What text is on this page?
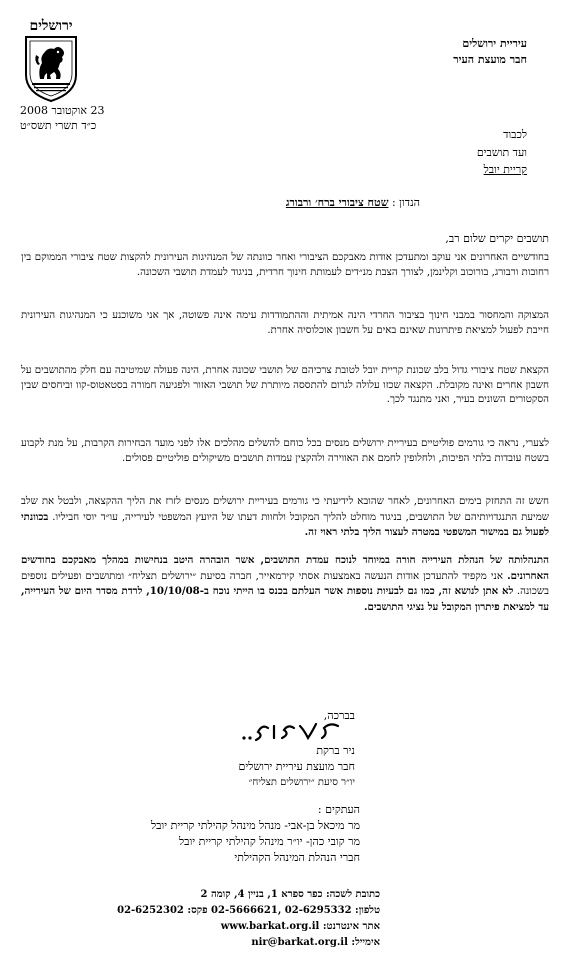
ירושלים
עיריית ירושלים
חבר מועצת העיר
23 אוקטובר 2008
כ״ד תשרי תשס״ט
לכבוד
ועד תושבים
קריית יובל
הנדון : שטח ציבורי ברח׳ ורבורג
תושבים יקרים שלום רב,
בחודשיים האחרונים אני עוקב ומתעדכן אודות מאבקכם הציבורי ואחר כוונתה של המנהיגות העירונית להקצות שטח ציבורי הממוקם בין רחובות ורבורג, בורוכוב וקלינמן, לצורך הצבת מנ״דים לעמותת חינוך חרדית, בניגוד לעמדת תושבי השכונה.
המצוקה והמחסור במבני חינוך בציבור החרדי הינה אמיתית וההתמודדות עימה אינה פשוטה, אך אני משוכנע כי המנהיגות העירונית חייבת לפעול למציאת פיתרונות שאינם באים על חשבון אוכלוסיה אחרת.
הקצאת שטח ציבורי גדול בלב שכונת קריית יובל לטובת צרכיהם של תושבי שכונה אחרת, הינה פעולה שמיטיבה עם חלק מהתושבים על חשבון אחרים ואינה מקובלת. הקצאה שכזו עלולה לגרום להתססה מיותרת של תושבי האזור ולפגיעה חמורה בסטאטוס-קוו וביחסים שבין הסקטורים השונים בעיר, ואני מתנגד לכך.
לצערי, נראה כי גורמים פוליטיים בעיריית ירושלים מנסים בכל כוחם להשלים מהלכים אלו לפני מועד הבחירות הקרבות, על מנת לקבוע בשטח עובדות בלתי הפיכות, ולחלופין לחמם את האווירה ולהקצין עמדות תושבים משיקולים פוליטיים פסולים.
חשש זה התחזק בימים האחרונים, לאחר שהובא לידיעתי כי גורמים בעיריית ירושלים מנסים לזרז את הליך ההקצאה, ולבטל את שלב שמיעת התנגדויותיהם של התושבים, בניגוד מוחלט להליך המקובל ולחוות דעתו של היועץ המשפטי לעירייה, עו״ד יוסי חביליו. בכוונתי לפעול גם במישור המשפטי במטרה לעצור הליך בלתי ראוי זה.
התנהלותה של הנהלת העירייה חורה במיוחד לנוכח עמדת התושבים, אשר הובהרה היטב בנחישות במהלך מאבקכם בחודשים האחרונים. אני מקפיד להתעדכן אודות הנעשה באמצעות אסתי קירמאייר, חברה בסיעת ״ירושלים תצליח״ ומתושבים ופעילים נוספים בשכונה. לא אתן לנושא זה, כמו גם לבעיות נוספות אשר העלתם בכנס בו הייתי נוכח ב-10/10/08, לרדת מסדר היום של העירייה, עד למציאת פיתרון המקובל על נציגי התושבים.
בברכה,
ניר ברקת
חבר מועצת עיריית ירושלים
יו״ר סיעת ״ירושלים תצליח״
העתקים :
מר מיכאל בן-אבי- מנהל מינהל קהילתי קריית יובל
מר קובי כהן- יו״ר מינהל קהילתי קריית יובל
חברי הנהלת המינהל הקהילתי
כתובת לשכה: כפר ספרא 1, בניין 4, קומה 2
טלפון: 02-6295332 ,02-5666621 פקס: 02-6252302
אתר אינטרנט: www.barkat.org.il
אימייל: nir@barkat.org.il
